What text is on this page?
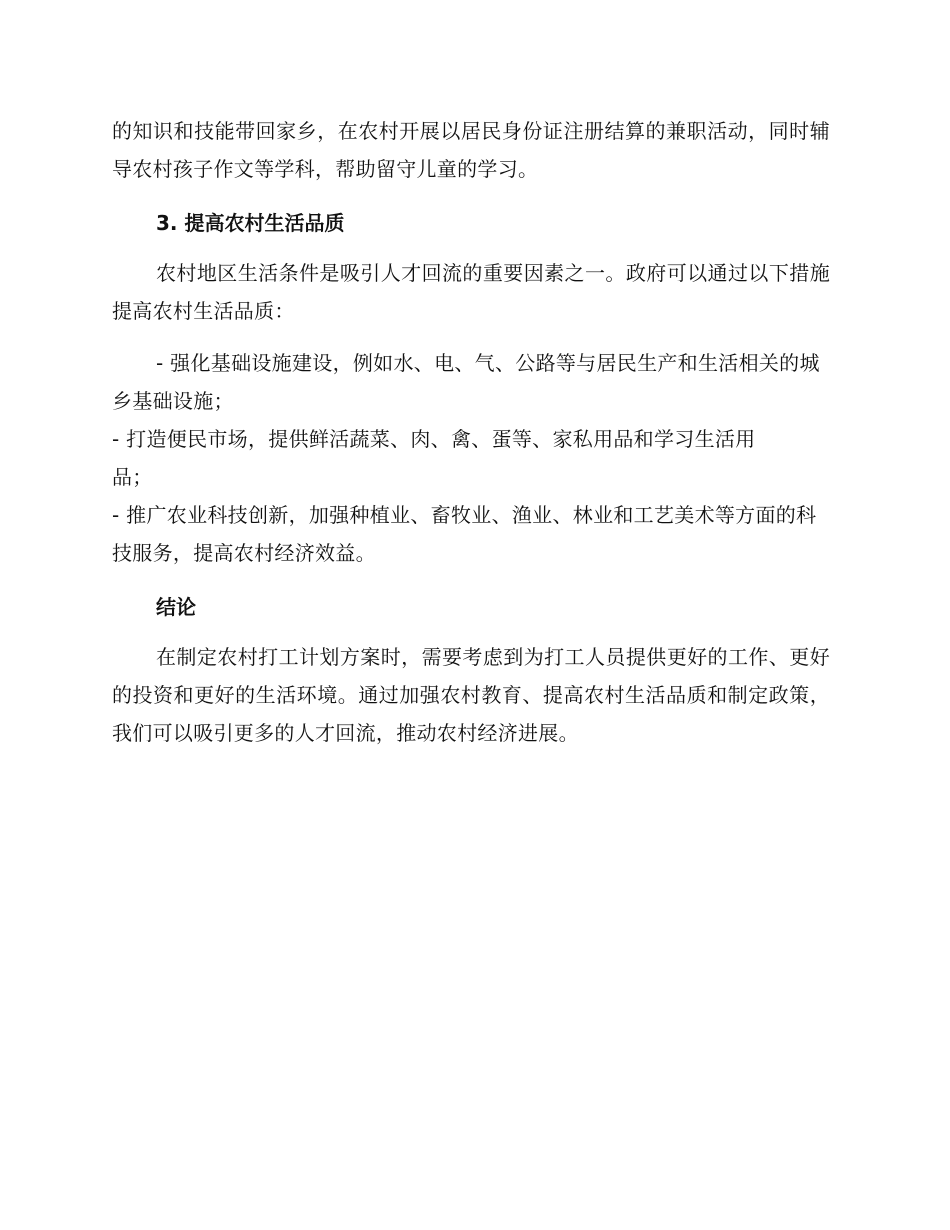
的知识和技能带回家乡，在农村开展以居民身份证注册结算的兼职活动，同时辅导农村孩子作文等学科，帮助留守儿童的学习。

3. 提高农村生活品质

农村地区生活条件是吸引人才回流的重要因素之一。政府可以通过以下措施提高农村生活品质：

- 强化基础设施建设，例如水、电、气、公路等与居民生产和生活相关的城乡基础设施；

- 打造便民市场，提供鲜活蔬菜、肉、禽、蛋等、家私用品和学习生活用品；

- 推广农业科技创新，加强种植业、畜牧业、渔业、林业和工艺美术等方面的科技服务，提高农村经济效益。

结论

在制定农村打工计划方案时，需要考虑到为打工人员提供更好的工作、更好的投资和更好的生活环境。通过加强农村教育、提高农村生活品质和制定政策，我们可以吸引更多的人才回流，推动农村经济进展。
